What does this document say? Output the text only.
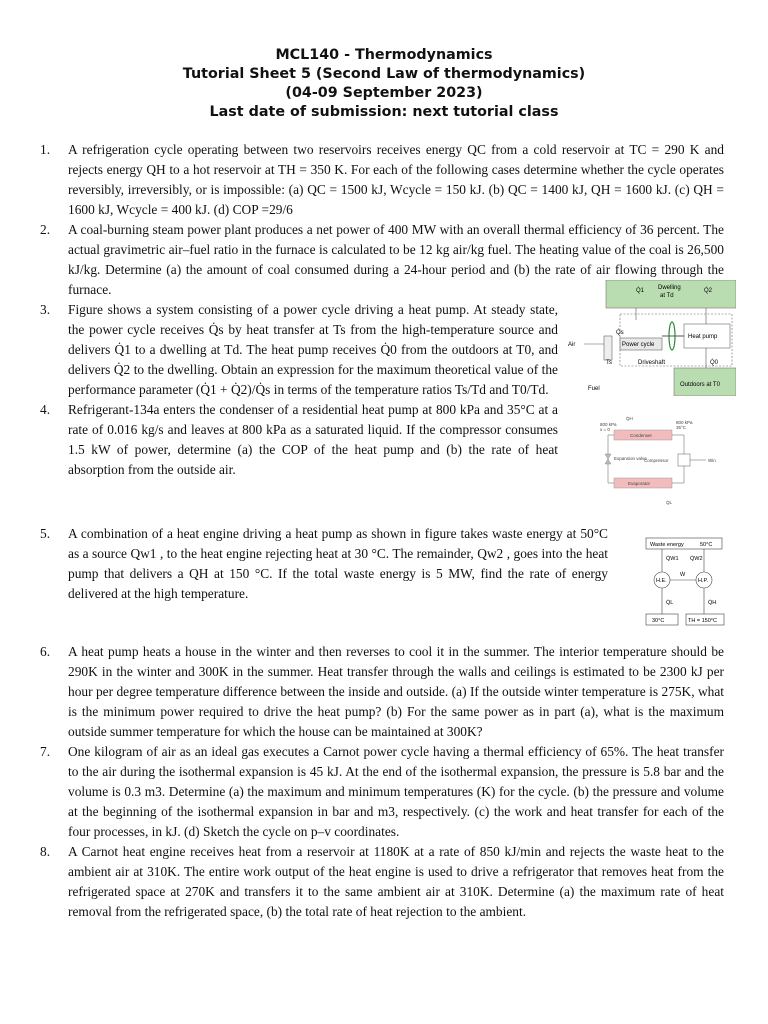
MCL140 - Thermodynamics
Tutorial Sheet 5 (Second Law of thermodynamics)
(04-09 September 2023)
Last date of submission: next tutorial class
1. A refrigeration cycle operating between two reservoirs receives energy QC from a cold reservoir at TC = 290 K and rejects energy QH to a hot reservoir at TH = 350 K. For each of the following cases determine whether the cycle operates reversibly, irreversibly, or is impossible: (a) QC = 1500 kJ, Wcycle = 150 kJ. (b) QC = 1400 kJ, QH = 1600 kJ. (c) QH = 1600 kJ, Wcycle = 400 kJ. (d) COP =29/6
2. A coal-burning steam power plant produces a net power of 400 MW with an overall thermal efficiency of 36 percent. The actual gravimetric air–fuel ratio in the furnace is calculated to be 12 kg air/kg fuel. The heating value of the coal is 26,500 kJ/kg. Determine (a) the amount of coal consumed during a 24-hour period and (b) the rate of air flowing through the furnace.
3. Figure shows a system consisting of a power cycle driving a heat pump. At steady state, the power cycle receives Q̇s by heat transfer at Ts from the high-temperature source and delivers Q̇1 to a dwelling at Td. The heat pump receives Q̇0 from the outdoors at T0, and delivers Q̇2 to the dwelling. Obtain an expression for the maximum theoretical value of the performance parameter (Q̇1 + Q̇2)/Q̇s in terms of the temperature ratios Ts/Td and T0/Td.
4. Refrigerant-134a enters the condenser of a residential heat pump at 800 kPa and 35°C at a rate of 0.016 kg/s and leaves at 800 kPa as a saturated liquid. If the compressor consumes 1.5 kW of power, determine (a) the COP of the heat pump and (b) the rate of heat absorption from the outside air.
5. A combination of a heat engine driving a heat pump as shown in figure takes waste energy at 50°C as a source Qw1 , to the heat engine rejecting heat at 30 °C. The remainder, Qw2 , goes into the heat pump that delivers a QH at 150 °C. If the total waste energy is 5 MW, find the rate of energy delivered at the high temperature.
6. A heat pump heats a house in the winter and then reverses to cool it in the summer. The interior temperature should be 290K in the winter and 300K in the summer. Heat transfer through the walls and ceilings is estimated to be 2300 kJ per hour per degree temperature difference between the inside and outside. (a) If the outside winter temperature is 275K, what is the minimum power required to drive the heat pump? (b) For the same power as in part (a), what is the maximum outside summer temperature for which the house can be maintained at 300K?
7. One kilogram of air as an ideal gas executes a Carnot power cycle having a thermal efficiency of 65%. The heat transfer to the air during the isothermal expansion is 45 kJ. At the end of the isothermal expansion, the pressure is 5.8 bar and the volume is 0.3 m3. Determine (a) the maximum and minimum temperatures (K) for the cycle. (b) the pressure and volume at the beginning of the isothermal expansion in bar and m3, respectively. (c) the work and heat transfer for each of the four processes, in kJ. (d) Sketch the cycle on p–v coordinates.
8. A Carnot heat engine receives heat from a reservoir at 1180K at a rate of 850 kJ/min and rejects the waste heat to the ambient air at 310K. The entire work output of the heat engine is used to drive a refrigerator that removes heat from the refrigerated space at 270K and transfers it to the same ambient air at 310K. Determine (a) the maximum rate of heat removal from the refrigerated space, (b) the total rate of heat rejection to the ambient.
Dwelling
at Td
Q̇1	Q̇2
Power cycle
Heat pump
Driveshaft
Air
Q̇s
Ts
Fuel
Q̇0
Outdoors at T0
Q̇H
800 kPa
x = 0
800 kPa
35°C
Condenser
Evaporator
Expansion valve
Compressor	Ẇin
Q̇L
Waste energy	50°C
Q̇W1 Q̇W2
H.E.	H.P.
Ẇ
Q̇L	Q̇H
30°C	TH = 150°C
